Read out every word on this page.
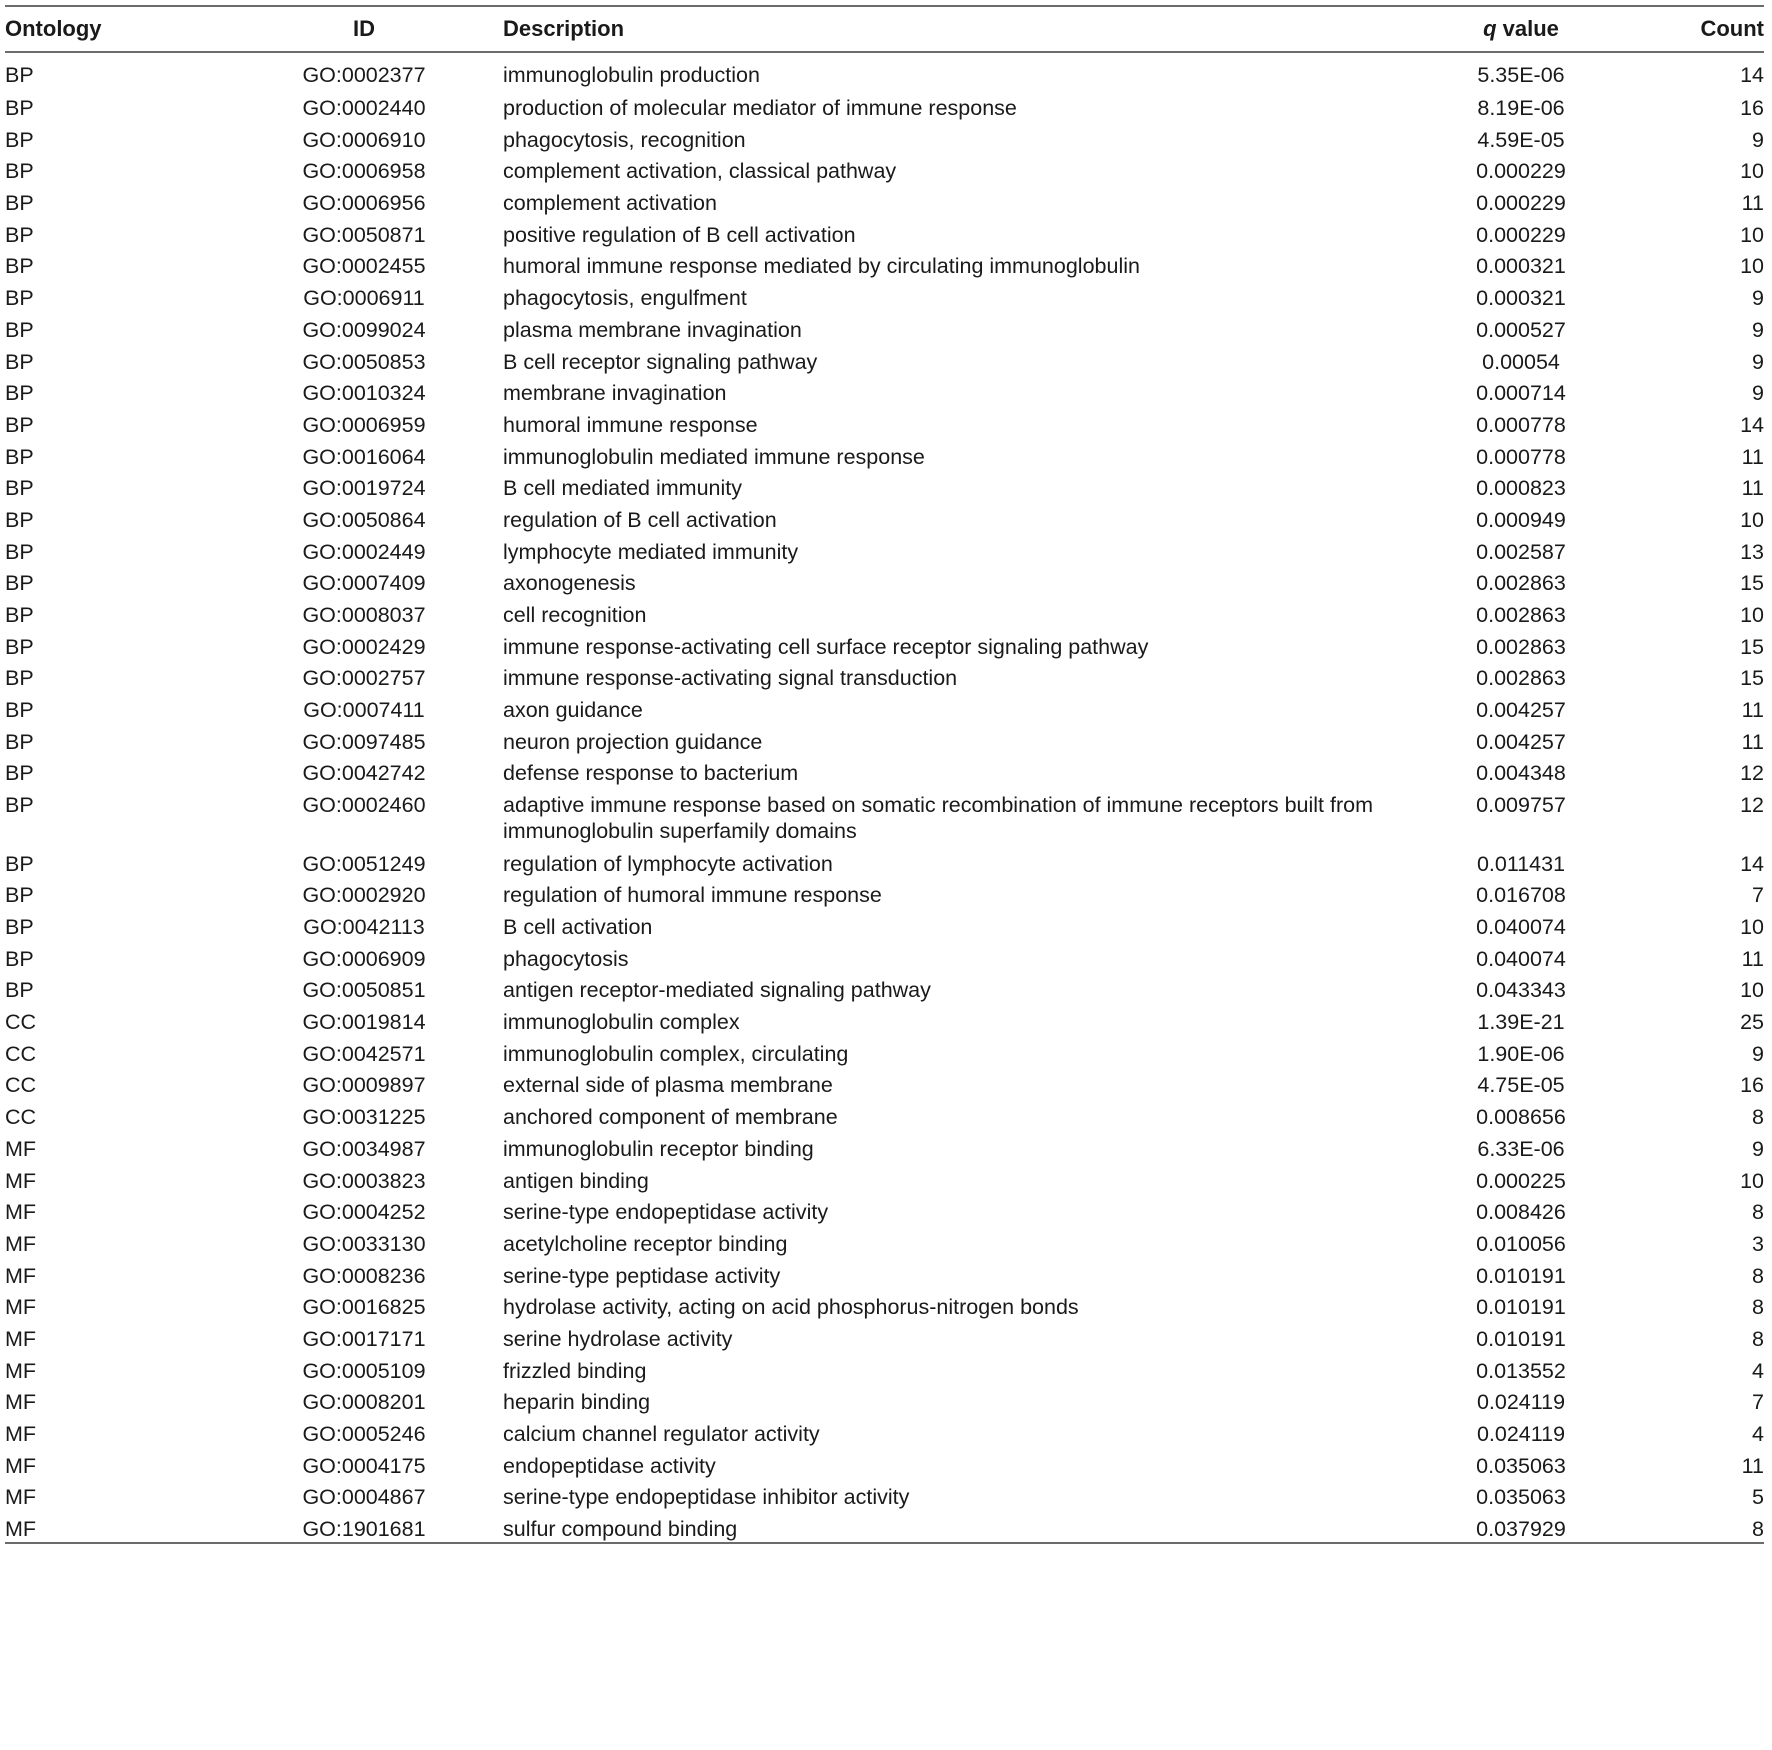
Ontology	ID	Description	q value	Count
BP	GO:0002377	immunoglobulin production	5.35E-06	14
BP	GO:0002440	production of molecular mediator of immune response	8.19E-06	16
BP	GO:0006910	phagocytosis, recognition	4.59E-05	9
BP	GO:0006958	complement activation, classical pathway	0.000229	10
BP	GO:0006956	complement activation	0.000229	11
BP	GO:0050871	positive regulation of B cell activation	0.000229	10
BP	GO:0002455	humoral immune response mediated by circulating immunoglobulin	0.000321	10
BP	GO:0006911	phagocytosis, engulfment	0.000321	9
BP	GO:0099024	plasma membrane invagination	0.000527	9
BP	GO:0050853	B cell receptor signaling pathway	0.00054	9
BP	GO:0010324	membrane invagination	0.000714	9
BP	GO:0006959	humoral immune response	0.000778	14
BP	GO:0016064	immunoglobulin mediated immune response	0.000778	11
BP	GO:0019724	B cell mediated immunity	0.000823	11
BP	GO:0050864	regulation of B cell activation	0.000949	10
BP	GO:0002449	lymphocyte mediated immunity	0.002587	13
BP	GO:0007409	axonogenesis	0.002863	15
BP	GO:0008037	cell recognition	0.002863	10
BP	GO:0002429	immune response-activating cell surface receptor signaling pathway	0.002863	15
BP	GO:0002757	immune response-activating signal transduction	0.002863	15
BP	GO:0007411	axon guidance	0.004257	11
BP	GO:0097485	neuron projection guidance	0.004257	11
BP	GO:0042742	defense response to bacterium	0.004348	12
BP	GO:0002460	adaptive immune response based on somatic recombination of immune receptors built from immunoglobulin superfamily domains	0.009757	12
BP	GO:0051249	regulation of lymphocyte activation	0.011431	14
BP	GO:0002920	regulation of humoral immune response	0.016708	7
BP	GO:0042113	B cell activation	0.040074	10
BP	GO:0006909	phagocytosis	0.040074	11
BP	GO:0050851	antigen receptor-mediated signaling pathway	0.043343	10
CC	GO:0019814	immunoglobulin complex	1.39E-21	25
CC	GO:0042571	immunoglobulin complex, circulating	1.90E-06	9
CC	GO:0009897	external side of plasma membrane	4.75E-05	16
CC	GO:0031225	anchored component of membrane	0.008656	8
MF	GO:0034987	immunoglobulin receptor binding	6.33E-06	9
MF	GO:0003823	antigen binding	0.000225	10
MF	GO:0004252	serine-type endopeptidase activity	0.008426	8
MF	GO:0033130	acetylcholine receptor binding	0.010056	3
MF	GO:0008236	serine-type peptidase activity	0.010191	8
MF	GO:0016825	hydrolase activity, acting on acid phosphorus-nitrogen bonds	0.010191	8
MF	GO:0017171	serine hydrolase activity	0.010191	8
MF	GO:0005109	frizzled binding	0.013552	4
MF	GO:0008201	heparin binding	0.024119	7
MF	GO:0005246	calcium channel regulator activity	0.024119	4
MF	GO:0004175	endopeptidase activity	0.035063	11
MF	GO:0004867	serine-type endopeptidase inhibitor activity	0.035063	5
MF	GO:1901681	sulfur compound binding	0.037929	8
